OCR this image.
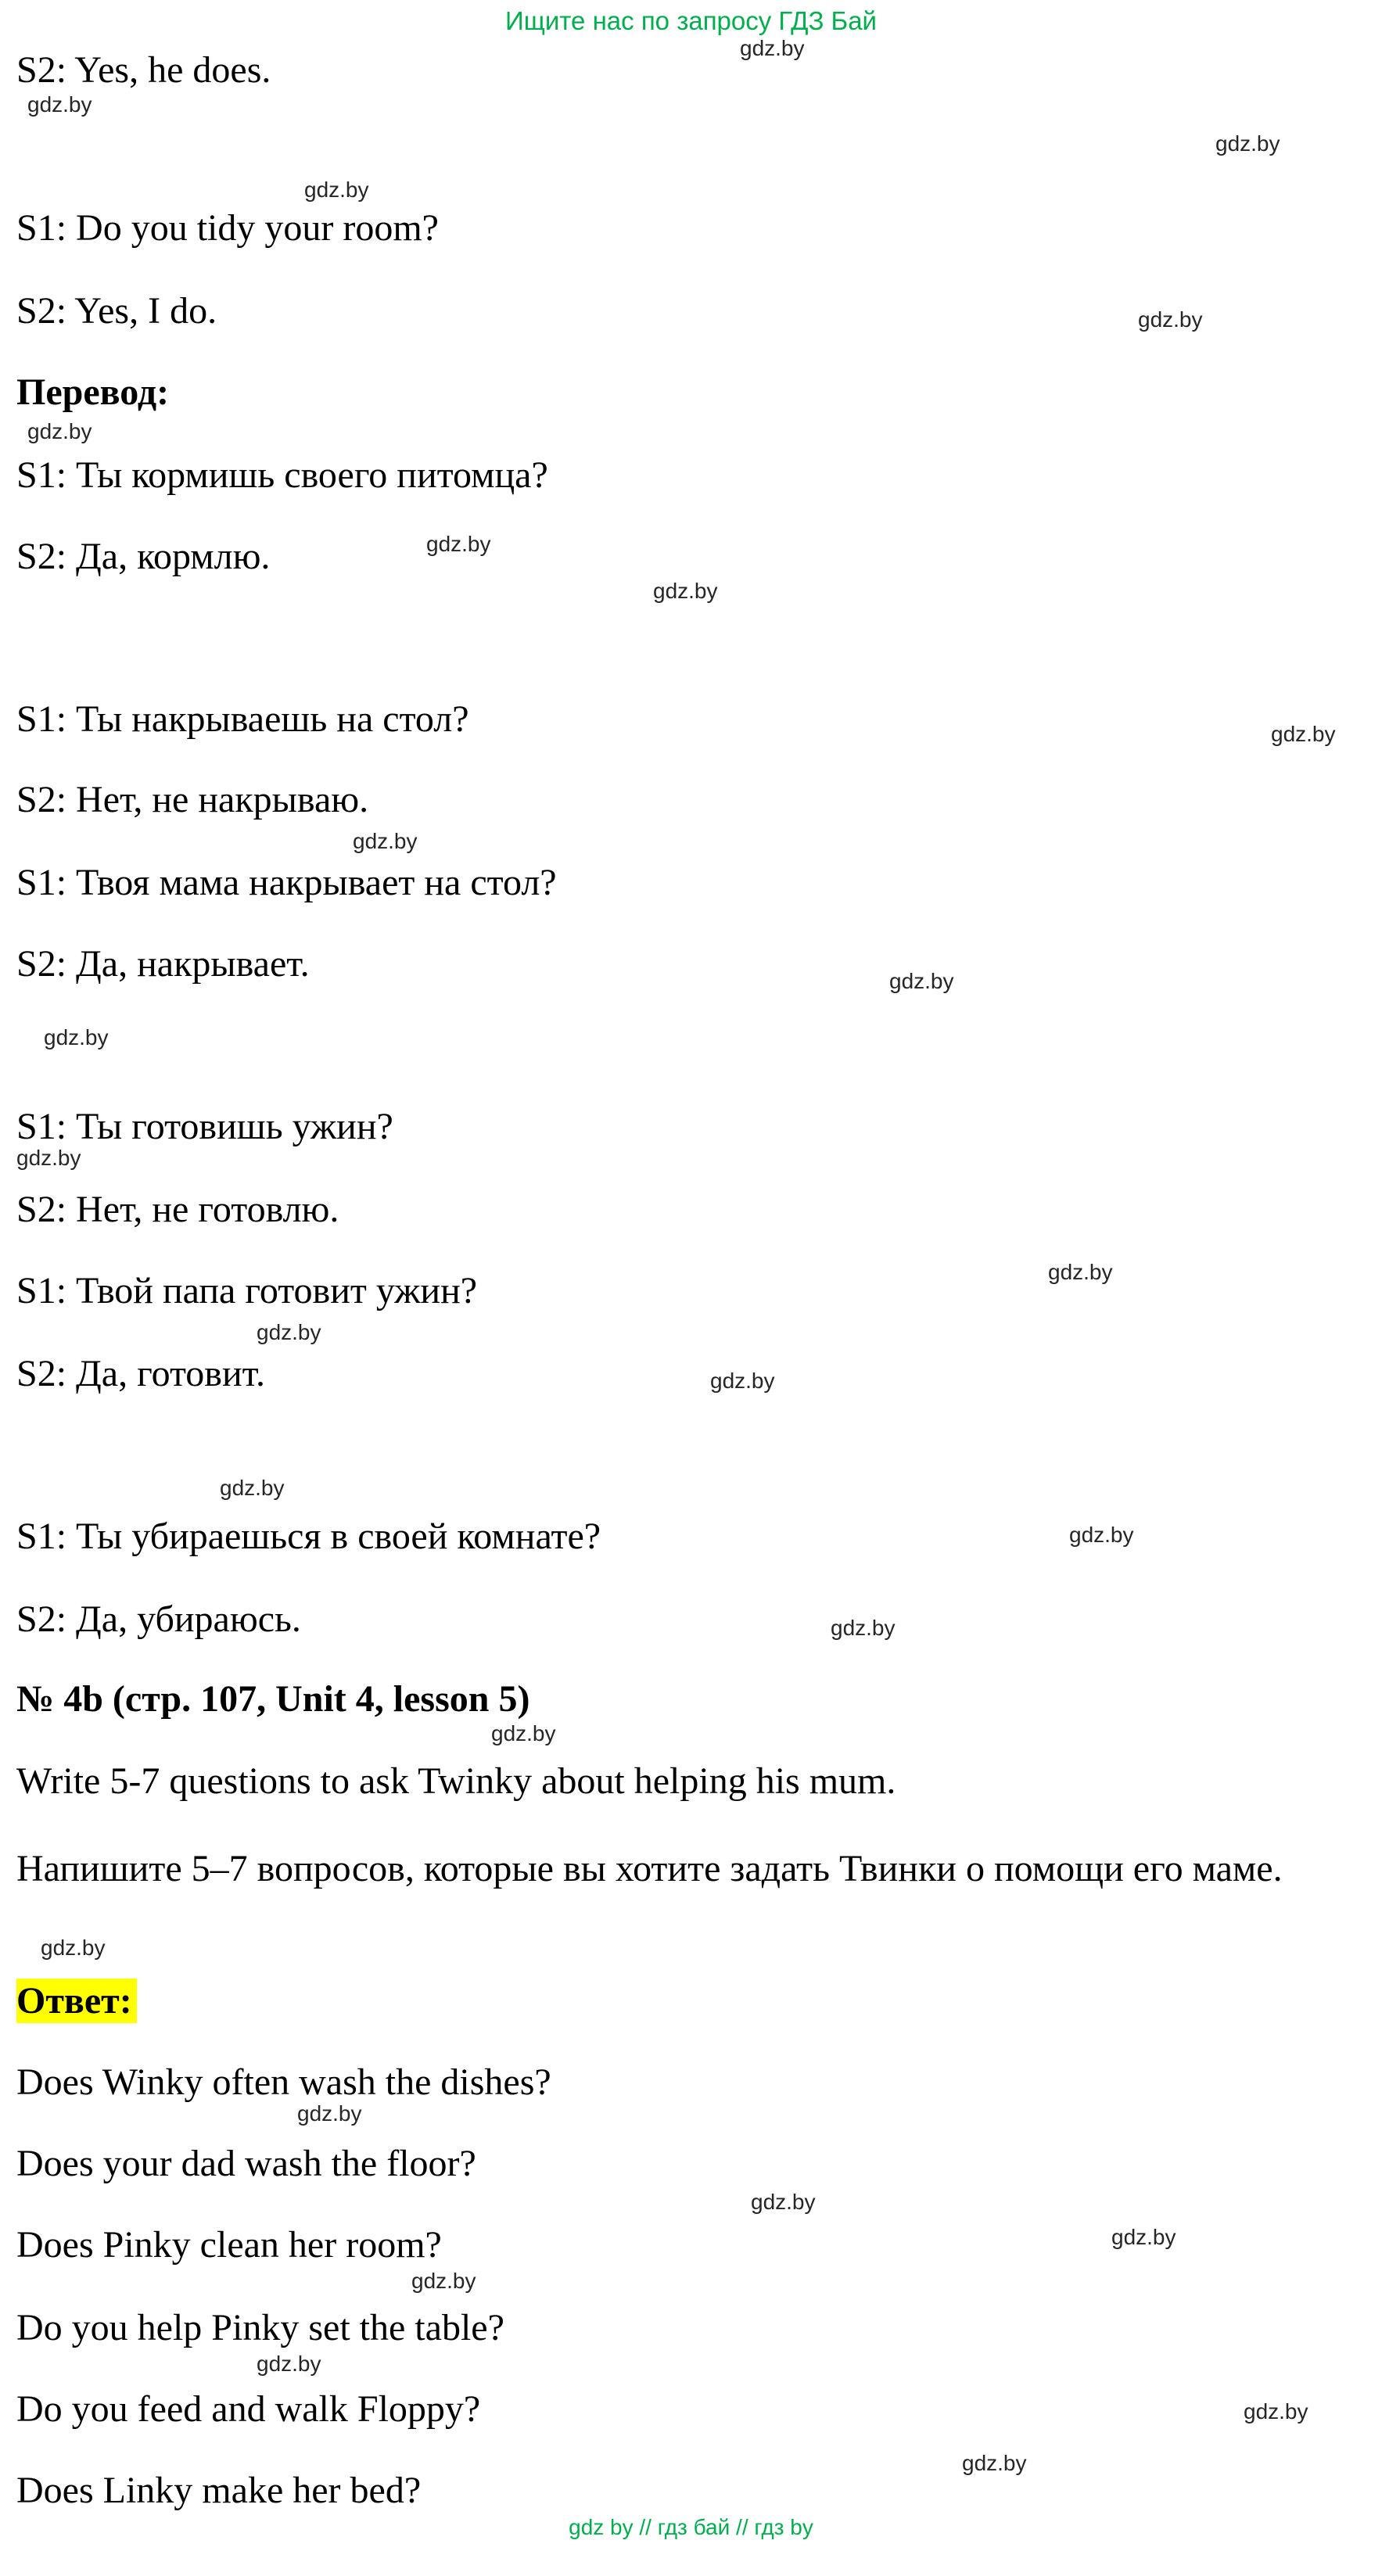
Ищите нас по запросу ГДЗ Бай
S2: Yes, he does.
S1: Do you tidy your room?
S2: Yes, I do.
Перевод:
S1: Ты кормишь своего питомца?
S2: Да, кормлю.
S1: Ты накрываешь на стол?
S2: Нет, не накрываю.
S1: Твоя мама накрывает на стол?
S2: Да, накрывает.
S1: Ты готовишь ужин?
S2: Нет, не готовлю.
S1: Твой папа готовит ужин?
S2: Да, готовит.
S1: Ты убираешься в своей комнате?
S2: Да, убираюсь.
№ 4b (стр. 107, Unit 4, lesson 5)
Write 5-7 questions to ask Twinky about helping his mum.
Напишите 5–7 вопросов, которые вы хотите задать Твинки о помощи его маме.
Ответ:
Does Winky often wash the dishes?
Does your dad wash the floor?
Does Pinky clean her room?
Do you help Pinky set the table?
Do you feed and walk Floppy?
Does Linky make her bed?
gdz.by
gdz.by
gdz.by
gdz.by
gdz.by
gdz.by
gdz.by
gdz.by
gdz.by
gdz.by
gdz.by
gdz.by
gdz.by
gdz.by
gdz.by
gdz.by
gdz.by
gdz.by
gdz.by
gdz.by
gdz.by
gdz.by
gdz.by
gdz.by
gdz.by
gdz.by
gdz.by
gdz.by
gdz by // гдз бай // гдз by
